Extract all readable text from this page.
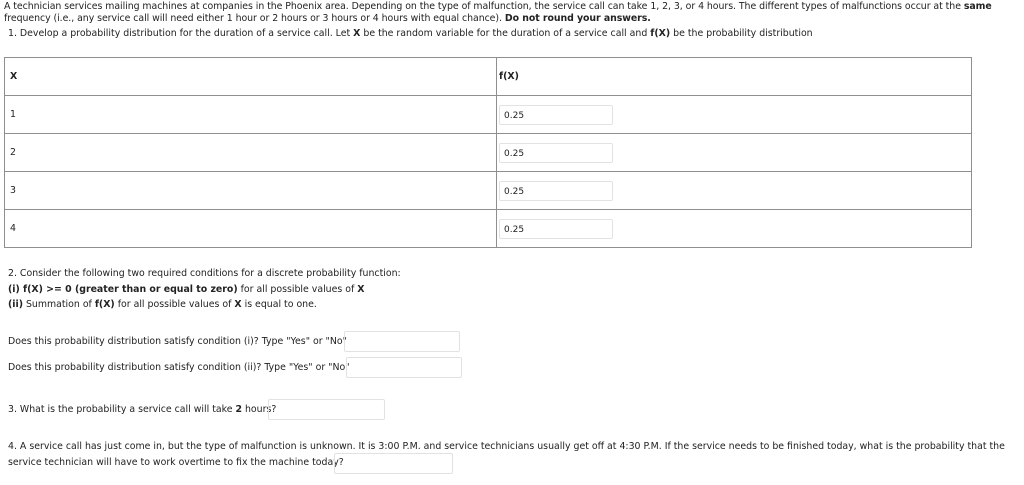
A technician services mailing machines at companies in the Phoenix area. Depending on the type of malfunction, the service call can take 1, 2, 3, or 4 hours. The different types of malfunctions occur at the same frequency (i.e., any service call will need either 1 hour or 2 hours or 3 hours or 4 hours with equal chance). Do not round your answers.
1. Develop a probability distribution for the duration of a service call. Let X be the random variable for the duration of a service call and f(X) be the probability distribution
X	f(X)
1	0.25
2	0.25
3	0.25
4	0.25
2. Consider the following two required conditions for a discrete probability function:
(i) f(X) >= 0 (greater than or equal to zero) for all possible values of X
(ii) Summation of f(X) for all possible values of X is equal to one.
Does this probability distribution satisfy condition (i)? Type "Yes" or "No"
Does this probability distribution satisfy condition (ii)? Type "Yes" or "No"
3. What is the probability a service call will take 2 hours?
4. A service call has just come in, but the type of malfunction is unknown. It is 3:00 P.M. and service technicians usually get off at 4:30 P.M. If the service needs to be finished today, what is the probability that the
service technician will have to work overtime to fix the machine today?
